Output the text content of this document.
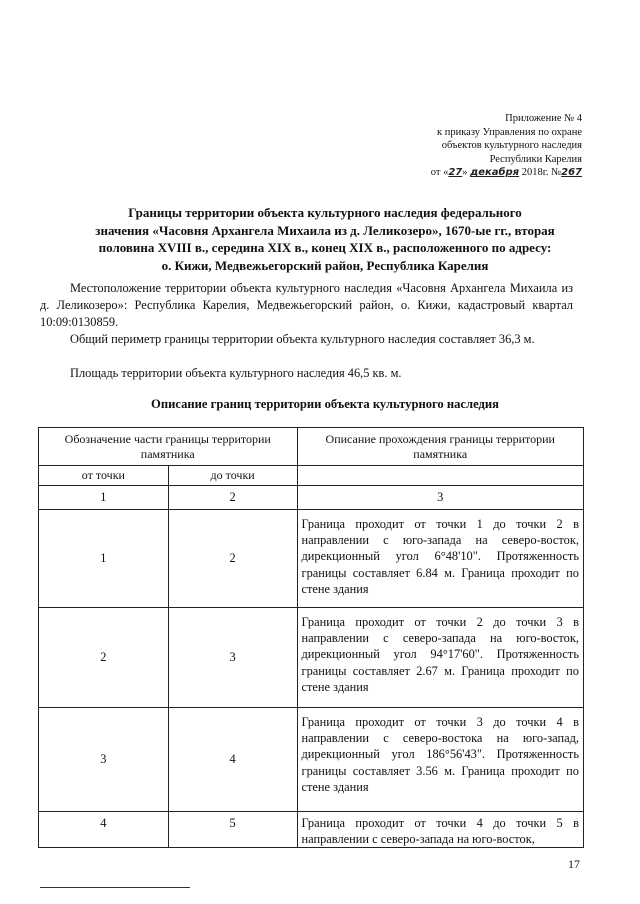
Приложение № 4
к приказу Управления по охране
объектов культурного наследия
Республики Карелия
от «27» декабря 2018г. №267
Границы территории объекта культурного наследия федерального
значения «Часовня Архангела Михаила из д. Леликозеро», 1670-ые гг., вторая
половина XVIII в., середина XIX в., конец XIX в., расположенного по адресу:
о. Кижи, Медвежьегорский район, Республика Карелия
Местоположение территории объекта культурного наследия «Часовня Архангела Михаила из д. Леликозеро»: Республика Карелия, Медвежьегорский район, о. Кижи, кадастровый квартал 10:09:0130859.
Общий периметр границы территории объекта культурного наследия составляет 36,3 м.
Площадь территории объекта культурного наследия 46,5 кв. м.
Описание границ территории объекта культурного наследия
Обозначение части границы территории памятника		Описание прохождения границы территории памятника
от точки	до точки	
1	2	3
1	2	Граница проходит от точки 1 до точки 2 в направлении с юго-запада на северо-восток, дирекционный угол 6°48'10". Протяженность границы составляет 6.84 м. Граница проходит по стене здания
2	3	Граница проходит от точки 2 до точки 3 в направлении с северо-запада на юго-восток, дирекционный угол 94°17'60". Протяженность границы составляет 2.67 м. Граница проходит по стене здания
3	4	Граница проходит от точки 3 до точки 4 в направлении с северо-востока на юго-запад, дирекционный угол 186°56'43". Протяженность границы составляет 3.56 м. Граница проходит по стене здания
4	5	Граница проходит от точки 4 до точки 5 в направлении с северо-запада на юго-восток,
17
